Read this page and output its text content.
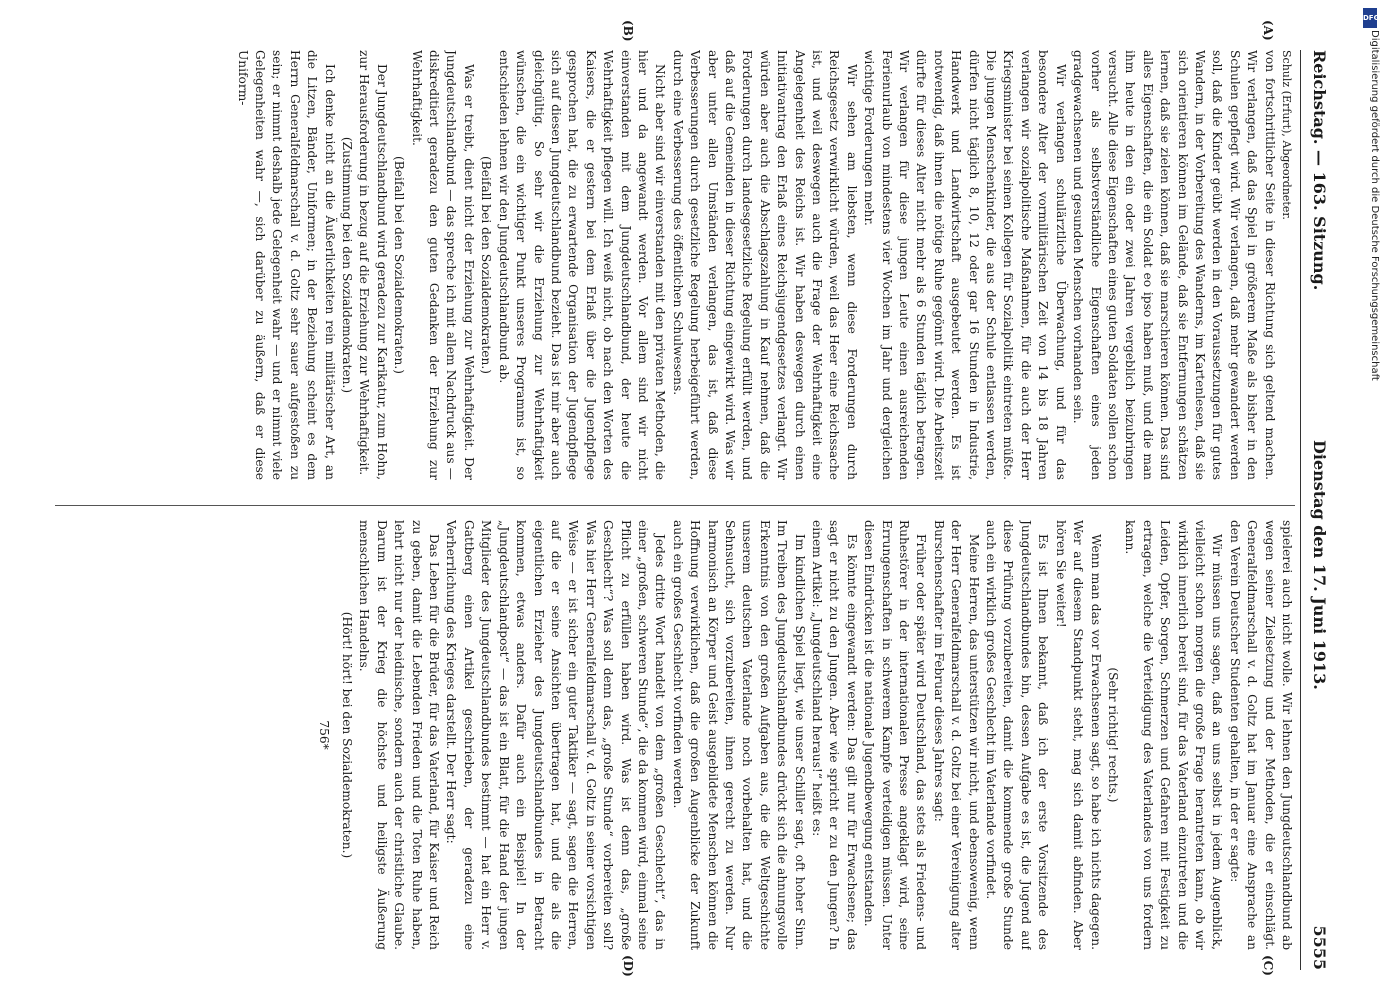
Reichstag. — 163. Sitzung.
Dienstag den 17. Juni 1913.
5555

Schulz (Erfurt), Abgeordneter.

von fortschrittlicher Seite in dieser Richtung sich geltend machen. Wir verlangen, daß das Spiel in größerem Maße als bisher in den Schulen gepflegt wird. Wir verlangen, daß mehr gewandert werden soll, daß die Kinder geübt werden in den Voraussetzungen für gutes Wandern, in der Vorbereitung des Wanderns, im Kartenlesen, daß sie sich orientieren können im Gelände, daß sie Entfernungen schätzen lernen, daß sie zielen können, daß sie marschieren können. Das sind alles Eigenschaften, die ein Soldat eo ipso haben muß, und die man ihm heute in den ein oder zwei Jahren vergeblich beizubringen versucht. Alle diese Eigenschaften eines guten Soldaten sollen schon vorher als selbstverständliche Eigenschaften eines jeden gradgewachsenen und gesunden Menschen vorhanden sein.

Wir verlangen schulärztliche Überwachung, und für das besondere Alter der vormilitärischen Zeit von 14 bis 18 Jahren verlangen wir sozialpolitische Maßnahmen, für die auch der Herr Kriegsminister bei seinen Kollegen für Sozialpolitik eintreten müßte. Die jungen Menschenkinder, die aus der Schule entlassen werden, dürfen nicht täglich 8, 10, 12 oder gar 16 Stunden in Industrie, Handwerk und Landwirtschaft ausgebeutet werden. Es ist notwendig, daß ihnen die nötige Ruhe gegönnt wird. Die Arbeitszeit dürfte für dieses Alter nicht mehr als 6 Stunden täglich betragen. Wir verlangen für diese jungen Leute einen ausreichenden Ferienurlaub von mindestens vier Wochen im Jahr und dergleichen wichtige Forderungen mehr.

Wir sehen am liebsten, wenn diese Forderungen durch Reichsgesetz verwirklicht würden, weil das Heer eine Reichssache ist, und weil deswegen auch die Frage der Wehrhaftigkeit eine Angelegenheit des Reichs ist. Wir haben deswegen durch einen Initiativantrag den Erlaß eines Reichsjugendgesetzes verlangt. Wir würden aber auch die Abschlagszahlung in Kauf nehmen, daß die Forderungen durch landesgesetzliche Regelung erfüllt werden, und daß auf die Gemeinden in dieser Richtung eingewirkt wird. Was wir aber unter allen Umständen verlangen, das ist, daß diese Verbesserungen durch gesetzliche Regelung herbeigeführt werden, durch eine Verbesserung des öffentlichen Schulwesens.

Nicht aber sind wir einverstanden mit den privaten Methoden, die hier und da angewandt werden. Vor allem sind wir nicht einverstanden mit dem Jungdeutschlandbund, der heute die Wehrhaftigkeit pflegen will. Ich weiß nicht, ob nach den Worten des Kaisers, die er gestern bei dem Erlaß über die Jugendpflege gesprochen hat, die zu erwartende Organisation der Jugendpflege sich auf diesen Jungdeutschlandbund bezieht. Das ist mir aber auch gleichgültig. So sehr wir die Erziehung zur Wehrhaftigkeit wünschen, die ein wichtiger Punkt unseres Programms ist, so entschieden lehnen wir den Jungdeutschlandbund ab.

(Beifall bei den Sozialdemokraten.)

Was er treibt, dient nicht der Erziehung zur Wehrhaftigkeit. Der Jungdeutschlandbund — das spreche ich mit allem Nachdruck aus — diskreditiert geradezu den guten Gedanken der Erziehung zur Wehrhaftigkeit.

(Beifall bei den Sozialdemokraten.)

Der Jungdeutschlandbund wird geradezu zur Karikatur, zum Hohn, zur Herausforderung in bezug auf die Erziehung zur Wehrhaftigkeit.

(Zustimmung bei den Sozialdemokraten.)

Ich denke nicht an die Äußerlichkeiten rein militärischer Art, an die Litzen, Bänder, Uniformen; in der Beziehung scheint es dem Herrn Generalfeldmarschall v. d. Goltz sehr sauer aufgestoßen zu sein; er nimmt deshalb jede Gelegenheit wahr — und er nimmt viele Gelegenheiten wahr —, sich darüber zu äußern, daß er diese Uniform-

spielerei auch nicht wolle. Wir lehnen den Jungdeutschlandbund ab wegen seiner Zielsetzung und der Methoden, die er einschlägt. Generalfeldmarschall v. d. Goltz hat im Januar eine Ansprache an den Verein Deutscher Studenten gehalten, in der er sagte:

Wir müssen uns sagen, daß an uns selbst in jedem Augenblick, vielleicht schon morgen die große Frage herantreten kann, ob wir wirklich innerlich bereit sind, für das Vaterland einzutreten und die Leiden, Opfer, Sorgen, Schmerzen und Gefahren mit Festigkeit zu ertragen, welche die Verteidigung des Vaterlandes von uns fordern kann.

(Sehr richtig! rechts.)

Wenn man das vor Erwachsenen sagt, so habe ich nichts dagegen. Wer auf diesem Standpunkt steht, mag sich damit abfinden. Aber hören Sie weiter!

Es ist Ihnen bekannt, daß ich der erste Vorsitzende des Jungdeutschlandbundes bin, dessen Aufgabe es ist, die Jugend auf diese Prüfung vorzubereiten, damit die kommende große Stunde auch ein wirklich großes Geschlecht im Vaterlande vorfindet.

Meine Herren, das unterstützen wir nicht, und ebensowenig, wenn der Herr Generalfeldmarschall v. d. Goltz bei einer Vereinigung alter Burschenschafter im Februar dieses Jahres sagt:

Früher oder später wird Deutschland, das stets als Friedens- und Ruhestörer in der internationalen Presse angeklagt wird, seine Errungenschaften in schwerem Kampfe verteidigen müssen. Unter diesen Eindrücken ist die nationale Jugendbewegung entstanden.

Es könnte eingewandt werden: Das gilt nur für Erwachsene; das sagt er nicht zu den Jungen. Aber wie spricht er zu den Jungen? In einem Artikel: „Jungdeutschland heraus!“ heißt es:

Im kindlichen Spiel liegt, wie unser Schiller sagt, oft hoher Sinn. Im Treiben des Jungdeutschlandbundes drückt sich die ahnungsvolle Erkenntnis von den großen Aufgaben aus, die die Weltgeschichte unserem deutschen Vaterlande noch vorbehalten hat, und die Sehnsucht, sich vorzubereiten, ihnen gerecht zu werden. Nur harmonisch an Körper und Geist ausgebildete Menschen können die Hoffnung verwirklichen, daß die großen Augenblicke der Zukunft auch ein großes Geschlecht vorfinden werden.

Jedes dritte Wort handelt von dem „großen Geschlecht“, das in einer „großen, schweren Stunde“, die da kommen wird, einmal seine Pflicht zu erfüllen haben wird. Was ist denn das, „große Geschlecht“? Was soll denn das, „große Stunde“ vorbereiten soll? Was hier Herr Generalfeldmarschall v. d. Goltz in seiner vorsichtigen Weise — er ist sicher ein guter Taktiker — sagt, sagen die Herren, auf die er seine Ansichten übertragen hat, und die als die eigentlichen Erzieher des Jungdeutschlandbundes in Betracht kommen, etwas anders. Dafür auch ein Beispiel! In der „Jungdeutschlandpost“ — das ist ein Blatt, für die Hand der jungen Mitglieder des Jungdeutschlandbundes bestimmt — hat ein Herr v. Gattberg einen Artikel geschrieben, der geradezu eine Verherrlichung des Krieges darstellt. Der Herr sagt:

Das Leben für die Brüder, für das Vaterland, für Kaiser und Reich zu geben, damit die Lebenden Frieden und die Toten Ruhe haben, lehrt nicht nur der heidnische, sondern auch der christliche Glaube. Darum ist der Krieg die höchste und heiligste Äußerung menschlichen Handelns.

(Hört! hört! bei den Sozialdemokraten.)

756*

(A)
(B)
(C)
(D)
DFG
Digitalisierung gefördert durch die Deutsche Forschungsgemeinschaft
